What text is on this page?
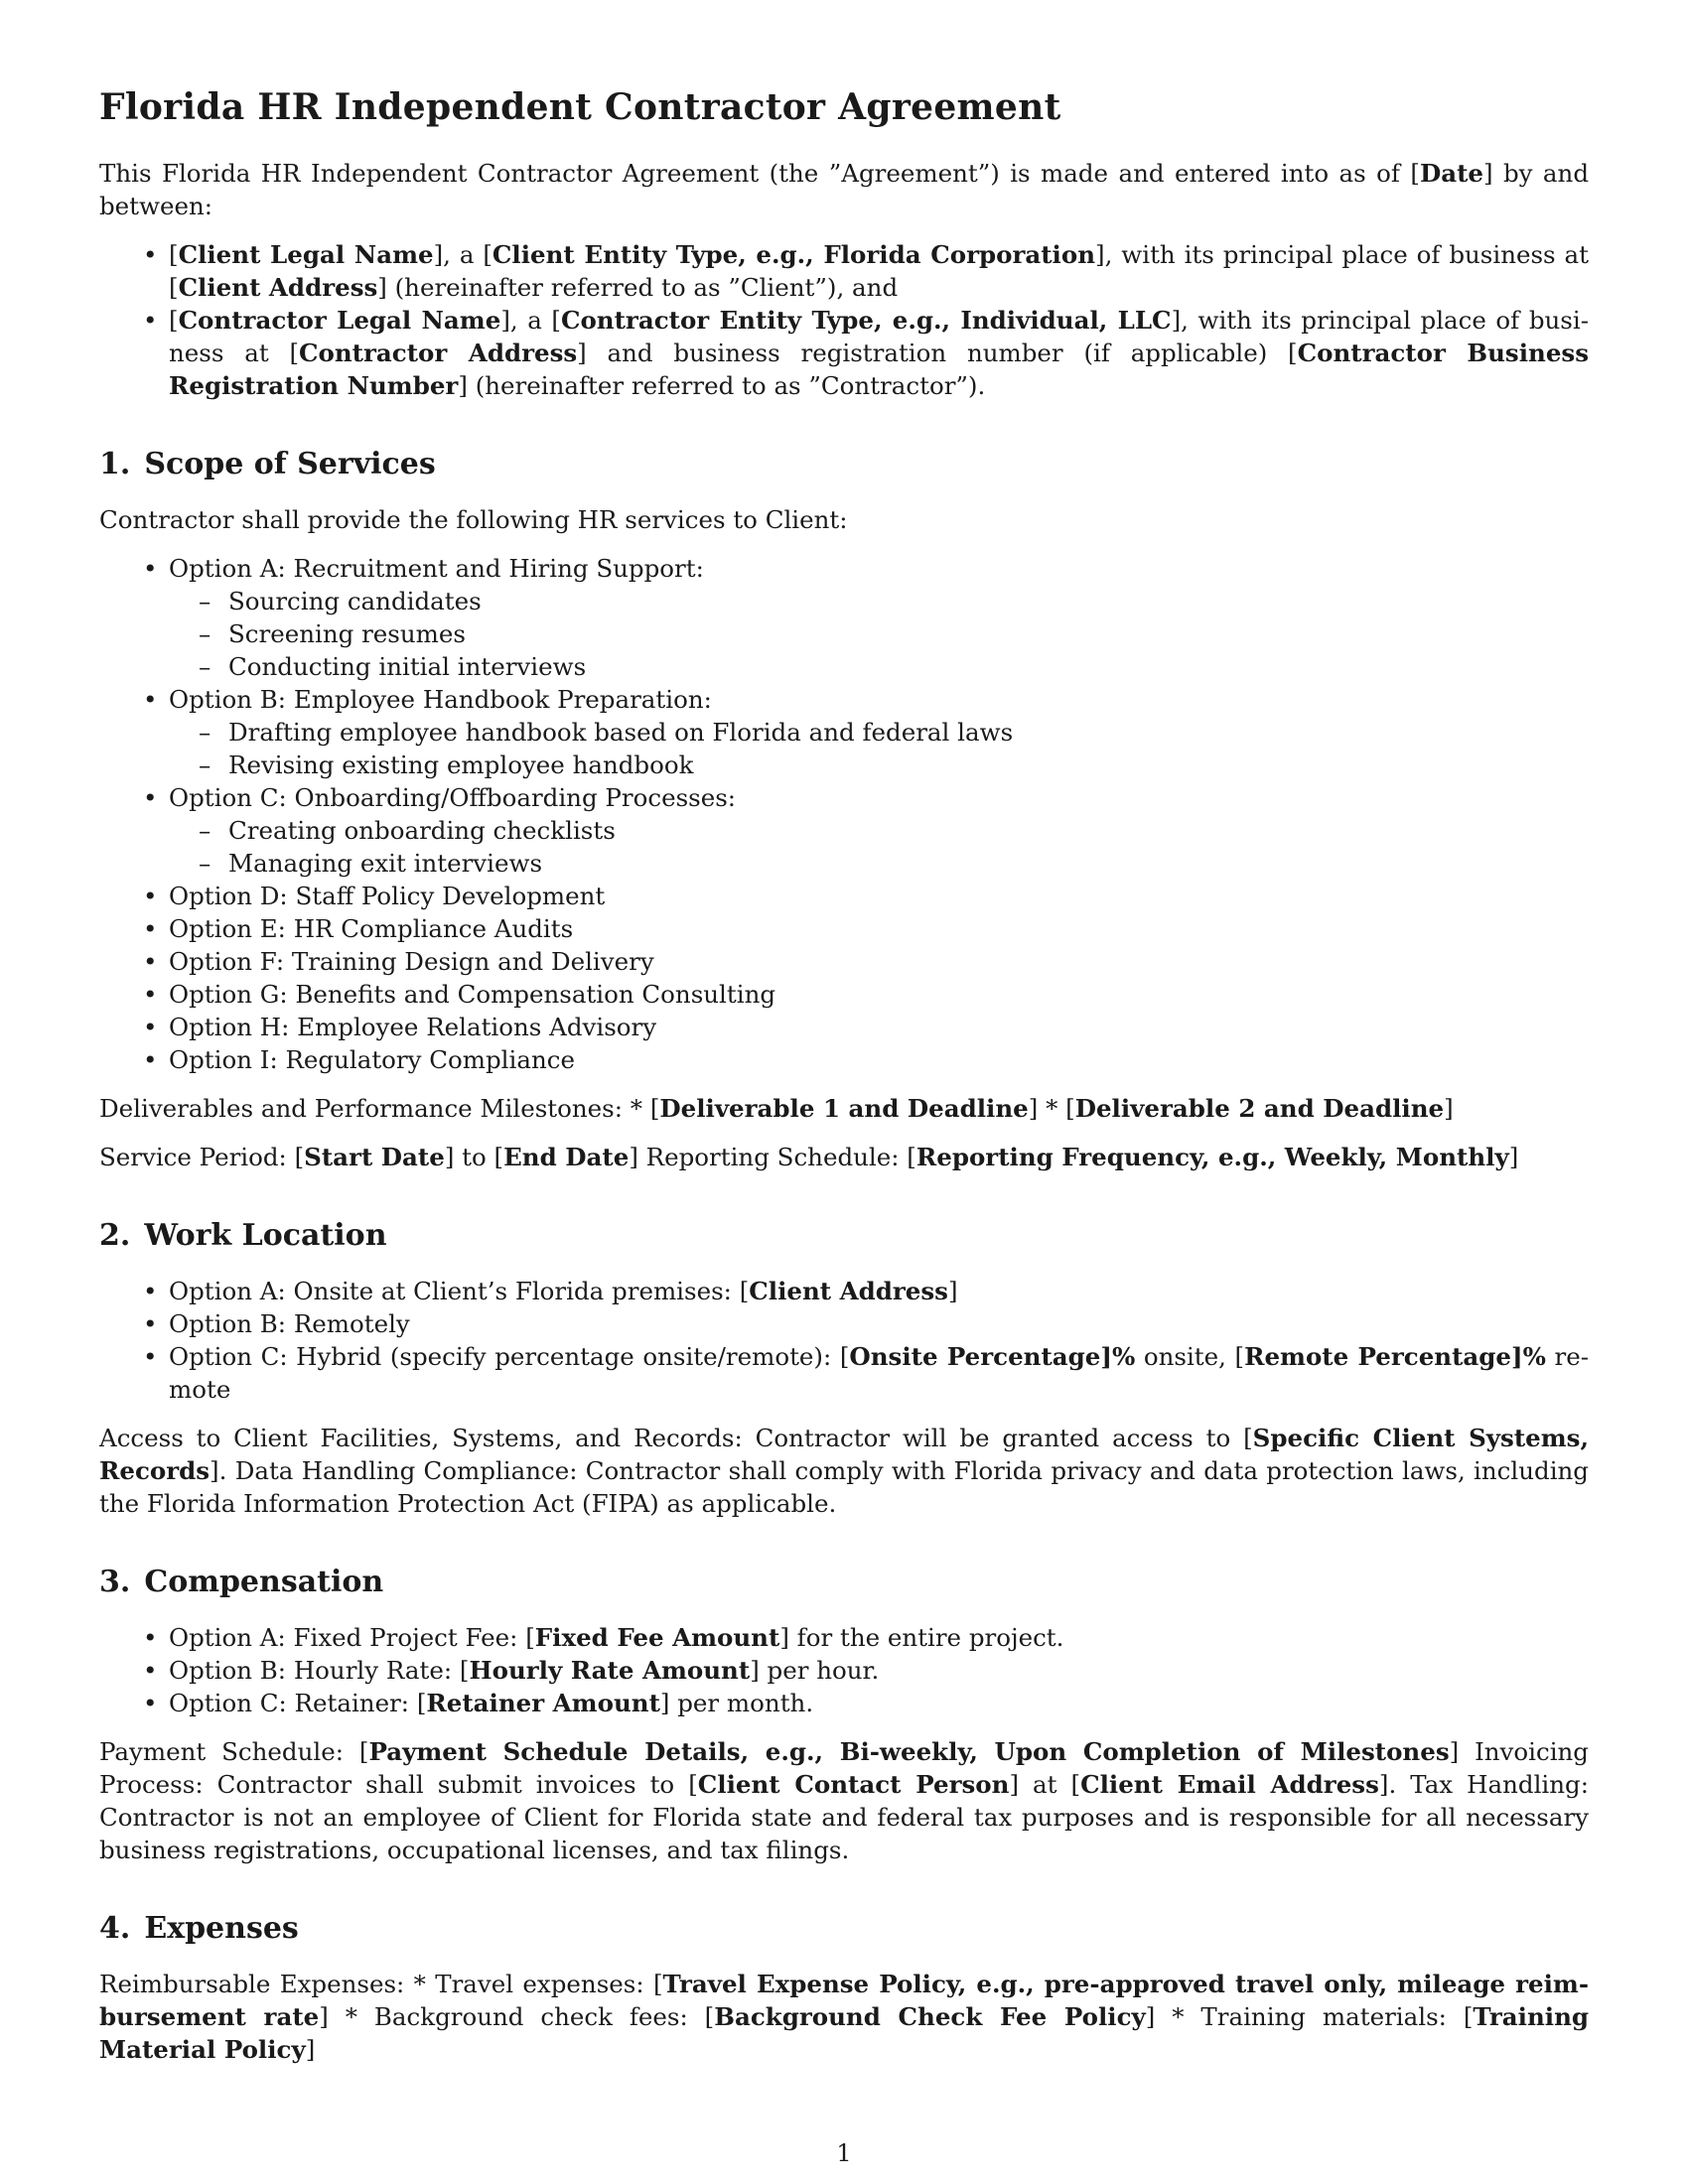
Florida HR Independent Contractor Agreement

This Florida HR Independent Contractor Agreement (the ”Agreement”) is made and entered into as of [Date] by and between:

• [Client Legal Name], a [Client Entity Type, e.g., Florida Corporation], with its principal place of business at [Client Address] (hereinafter referred to as ”Client”), and
• [Contractor Legal Name], a [Contractor Entity Type, e.g., Individual, LLC], with its principal place of business at [Contractor Address] and business registration number (if applicable) [Contractor Business Registration Number] (hereinafter referred to as ”Contractor”).
1. Scope of Services

Contractor shall provide the following HR services to Client:

• Option A: Recruitment and Hiring Support:
– Sourcing candidates
– Screening resumes
– Conducting initial interviews
• Option B: Employee Handbook Preparation:
– Drafting employee handbook based on Florida and federal laws
– Revising existing employee handbook
• Option C: Onboarding/Offboarding Processes:
– Creating onboarding checklists
– Managing exit interviews
• Option D: Staff Policy Development
• Option E: HR Compliance Audits
• Option F: Training Design and Delivery
• Option G: Benefits and Compensation Consulting
• Option H: Employee Relations Advisory
• Option I: Regulatory Compliance

Deliverables and Performance Milestones: * [Deliverable 1 and Deadline] * [Deliverable 2 and Deadline]

Service Period: [Start Date] to [End Date] Reporting Schedule: [Reporting Frequency, e.g., Weekly, Monthly]

2. Work Location
• Option A: Onsite at Client’s Florida premises: [Client Address]
• Option B: Remotely
• Option C: Hybrid (specify percentage onsite/remote): [Onsite Percentage]% onsite, [Remote Percentage]% remote

Access to Client Facilities, Systems, and Records: Contractor will be granted access to [Specific Client Systems, Records]. Data Handling Compliance: Contractor shall comply with Florida privacy and data protection laws, including the Florida Information Protection Act (FIPA) as applicable.

3. Compensation
• Option A: Fixed Project Fee: [Fixed Fee Amount] for the entire project.
• Option B: Hourly Rate: [Hourly Rate Amount] per hour.
• Option C: Retainer: [Retainer Amount] per month.

Payment Schedule: [Payment Schedule Details, e.g., Bi-weekly, Upon Completion of Milestones] Invoicing Process: Contractor shall submit invoices to [Client Contact Person] at [Client Email Address]. Tax Handling: Contractor is not an employee of Client for Florida state and federal tax purposes and is responsible for all necessary business registrations, occupational licenses, and tax filings.

4. Expenses

Reimbursable Expenses: * Travel expenses: [Travel Expense Policy, e.g., pre-approved travel only, mileage reimbursement rate] * Background check fees: [Background Check Fee Policy] * Training materials: [Training Material Policy]

1
